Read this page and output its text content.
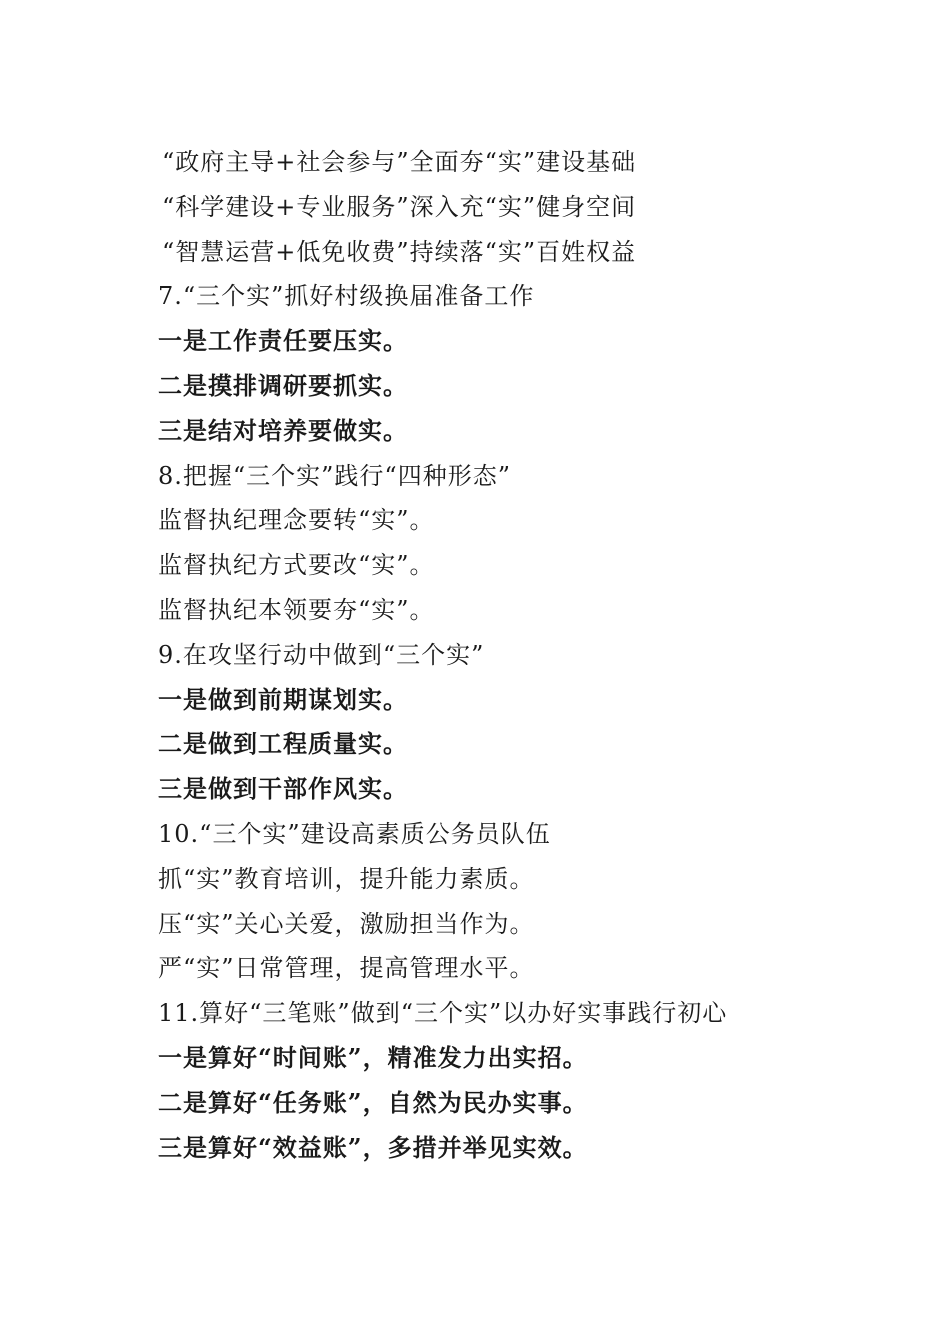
“政府主导+社会参与”全面夯“实”建设基础
“科学建设+专业服务”深入充“实”健身空间
“智慧运营+低免收费”持续落“实”百姓权益
7.“三个实”抓好村级换届准备工作
一是工作责任要压实。
二是摸排调研要抓实。
三是结对培养要做实。
8.把握“三个实”践行“四种形态”
监督执纪理念要转“实”。
监督执纪方式要改“实”。
监督执纪本领要夯“实”。
9.在攻坚行动中做到“三个实”
一是做到前期谋划实。
二是做到工程质量实。
三是做到干部作风实。
10.“三个实”建设高素质公务员队伍
抓“实”教育培训，提升能力素质。
压“实”关心关爱，激励担当作为。
严“实”日常管理，提高管理水平。
11.算好“三笔账”做到“三个实”以办好实事践行初心
一是算好“时间账”，精准发力出实招。
二是算好“任务账”，自然为民办实事。
三是算好“效益账”，多措并举见实效。
